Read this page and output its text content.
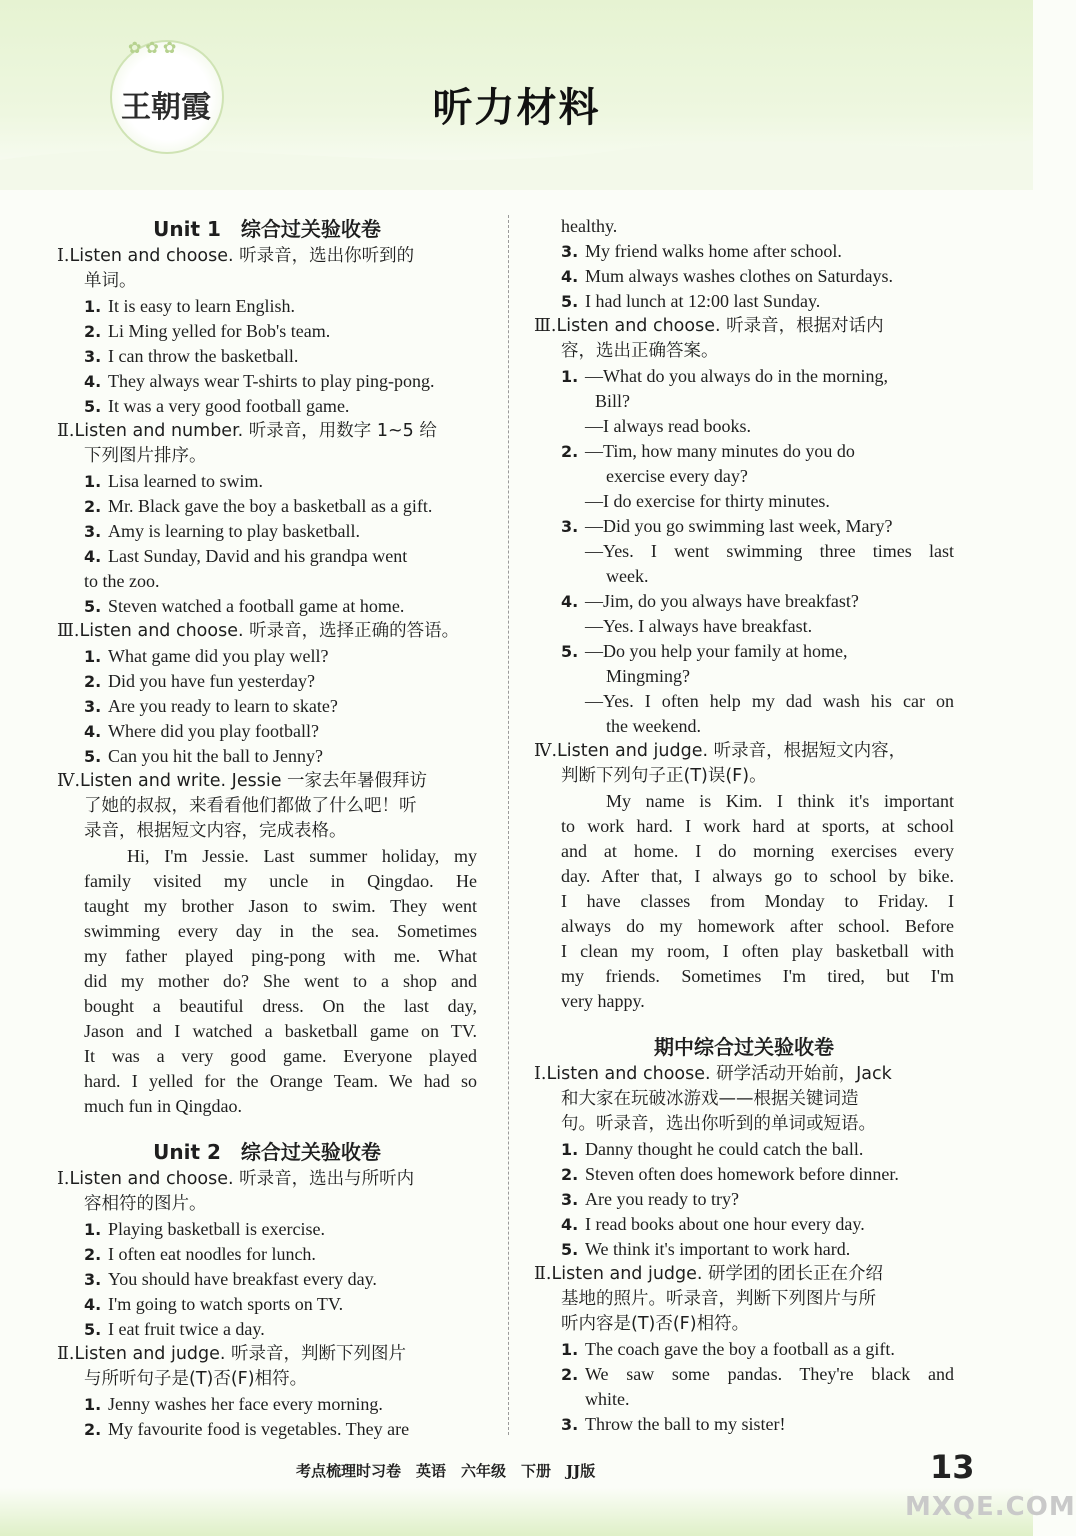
✿✿✿
王朝霞	听力材料
Unit 1　综合过关验收卷
Ⅰ.Listen and choose. 听录音，选出你听到的
单词。
1. It is easy to learn English.
2. Li Ming yelled for Bob's team.
3. I can throw the basketball.
4. They always wear T-shirts to play ping-pong.
5. It was a very good football game.
Ⅱ.Listen and number. 听录音，用数字 1~5 给
下列图片排序。
1. Lisa learned to swim.
2. Mr. Black gave the boy a basketball as a gift.
3. Amy is learning to play basketball.
4. Last Sunday, David and his grandpa went
to the zoo.
5. Steven watched a football game at home.
Ⅲ.Listen and choose. 听录音，选择正确的答语。
1. What game did you play well?
2. Did you have fun yesterday?
3. Are you ready to learn to skate?
4. Where did you play football?
5. Can you hit the ball to Jenny?
Ⅳ.Listen and write. Jessie 一家去年暑假拜访
了她的叔叔，来看看他们都做了什么吧！听
录音，根据短文内容，完成表格。
Hi, I'm Jessie. Last summer holiday, my
family visited my uncle in Qingdao. He
taught my brother Jason to swim. They went
swimming every day in the sea. Sometimes
my father played ping-pong with me. What
did my mother do? She went to a shop and
bought a beautiful dress. On the last day,
Jason and I watched a basketball game on TV.
It was a very good game. Everyone played
hard. I yelled for the Orange Team. We had so
much fun in Qingdao.
Unit 2　综合过关验收卷
Ⅰ.Listen and choose. 听录音，选出与所听内
容相符的图片。
1. Playing basketball is exercise.
2. I often eat noodles for lunch.
3. You should have breakfast every day.
4. I'm going to watch sports on TV.
5. I eat fruit twice a day.
Ⅱ.Listen and judge. 听录音，判断下列图片
与所听句子是(T)否(F)相符。
1. Jenny washes her face every morning.
2. My favourite food is vegetables. They are
healthy.
3. My friend walks home after school.
4. Mum always washes clothes on Saturdays.
5. I had lunch at 12:00 last Sunday.
Ⅲ.Listen and choose. 听录音，根据对话内
容，选出正确答案。
1. —What do you always do in the morning,
Bill?
—I always read books.
2. —Tim, how many minutes do you do
exercise every day?
—I do exercise for thirty minutes.
3. —Did you go swimming last week, Mary?
—Yes. I went swimming three times last
week.
4. —Jim, do you always have breakfast?
—Yes. I always have breakfast.
5. —Do you help your family at home,
Mingming?
—Yes. I often help my dad wash his car on
the weekend.
Ⅳ.Listen and judge. 听录音，根据短文内容，
判断下列句子正(T)误(F)。
My name is Kim. I think it's important
to work hard. I work hard at sports, at school
and at home. I do morning exercises every
day. After that, I always go to school by bike.
I have classes from Monday to Friday. I
always do my homework after school. Before
I clean my room, I often play basketball with
my friends. Sometimes I'm tired, but I'm
very happy.
期中综合过关验收卷
Ⅰ.Listen and choose. 研学活动开始前，Jack
和大家在玩破冰游戏——根据关键词造
句。听录音，选出你听到的单词或短语。
1. Danny thought he could catch the ball.
2. Steven often does homework before dinner.
3. Are you ready to try?
4. I read books about one hour every day.
5. We think it's important to work hard.
Ⅱ.Listen and judge. 研学团的团长正在介绍
基地的照片。听录音，判断下列图片与所
听内容是(T)否(F)相符。
1. The coach gave the boy a football as a gift.
2. We saw some pandas. They're black and
white.
3. Throw the ball to my sister!
考点梳理时习卷　英语　六年级　下册　JJ版	13
MXQE.COM
